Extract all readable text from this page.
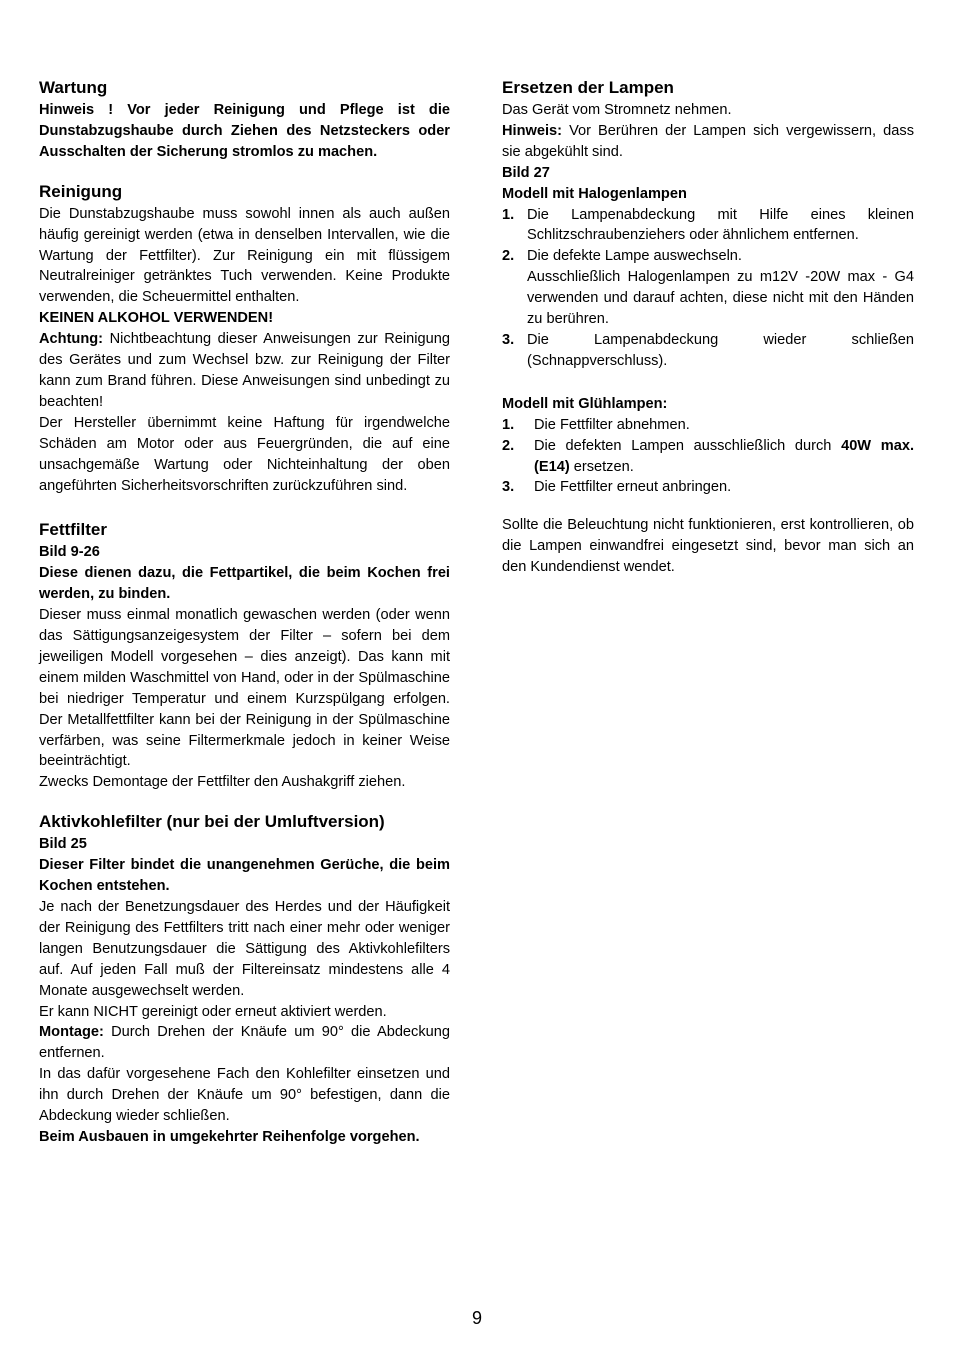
Wartung

Hinweis ! Vor jeder Reinigung und Pflege ist die Dunstabzugshaube durch Ziehen des Netzsteckers oder Ausschalten der Sicherung stromlos zu machen.

Reinigung

Die Dunstabzugshaube muss sowohl innen als auch außen häufig gereinigt werden (etwa in denselben Intervallen, wie die Wartung der Fettfilter). Zur Reinigung ein mit flüssigem Neutralreiniger getränktes Tuch verwenden. Keine Produkte verwenden, die Scheuermittel enthalten.

KEINEN ALKOHOL VERWENDEN!

Achtung: Nichtbeachtung dieser Anweisungen zur Reinigung des Gerätes und zum Wechsel bzw. zur Reinigung der Filter kann zum Brand führen. Diese Anweisungen sind unbedingt zu beachten!

Der Hersteller übernimmt keine Haftung für irgendwelche Schäden am Motor oder aus Feuergründen, die auf eine unsachgemäße Wartung oder Nichteinhaltung der oben angeführten Sicherheitsvorschriften zurückzuführen sind.

Fettfilter

Bild 9-26

Diese dienen dazu, die Fettpartikel, die beim Kochen frei werden, zu binden.

Dieser muss einmal monatlich gewaschen werden (oder wenn das Sättigungsanzeigesystem der Filter – sofern bei dem jeweiligen Modell vorgesehen – dies anzeigt). Das kann mit einem milden Waschmittel von Hand, oder in der Spülmaschine bei niedriger Temperatur und einem Kurzspülgang erfolgen. Der Metallfettfilter kann bei der Reinigung in der Spülmaschine verfärben, was seine Filtermerkmale jedoch in keiner Weise beeinträchtigt.

Zwecks Demontage der Fettfilter den Aushakgriff ziehen.

Aktivkohlefilter (nur bei der Umluftversion)

Bild 25

Dieser Filter bindet die unangenehmen Gerüche, die beim Kochen entstehen.

Je nach der Benetzungsdauer des Herdes und der Häufigkeit der Reinigung des Fettfilters tritt nach einer mehr oder weniger langen Benutzungsdauer die Sättigung des Aktivkohlefilters auf. Auf jeden Fall muß der Filtereinsatz mindestens alle 4 Monate ausgewechselt werden.

Er kann NICHT gereinigt oder erneut aktiviert werden.

Montage: Durch Drehen der Knäufe um 90° die Abdeckung entfernen.

In das dafür vorgesehene Fach den Kohlefilter einsetzen und ihn durch Drehen der Knäufe um 90° befestigen, dann die Abdeckung wieder schließen.

Beim Ausbauen in umgekehrter Reihenfolge vorgehen.

Ersetzen der Lampen

Das Gerät vom Stromnetz nehmen.

Hinweis: Vor Berühren der Lampen sich vergewissern, dass sie abgekühlt sind.

Bild 27

Modell mit Halogenlampen

1. Die Lampenabdeckung mit Hilfe eines kleinen Schlitzschraubenziehers oder ähnlichem entfernen.
2. Die defekte Lampe auswechseln.
Ausschließlich Halogenlampen zu m12V -20W max - G4 verwenden und darauf achten, diese nicht mit den Händen zu berühren.
3. Die Lampenabdeckung wieder schließen (Schnappverschluss).

Modell mit Glühlampen:

1. Die Fettfilter abnehmen.
2. Die defekten Lampen ausschließlich durch 40W max.(E14) ersetzen.
3. Die Fettfilter erneut anbringen.

Sollte die Beleuchtung nicht funktionieren, erst kontrollieren, ob die Lampen einwandfrei eingesetzt sind, bevor man sich an den Kundendienst wendet.

9
